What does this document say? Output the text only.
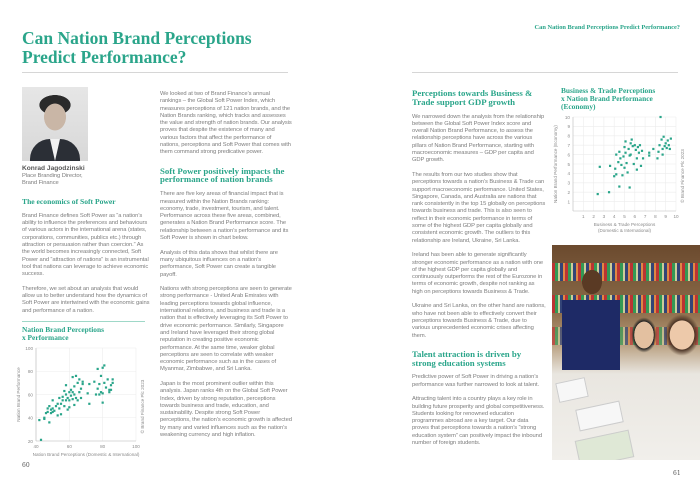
Can Nation Brand Perceptions Predict Performance?
Can Nation Brand Perceptions
Predict Performance?
Konrad Jagodzinski
Place Branding Director,
Brand Finance
The economics of Soft Power

Brand Finance defines Soft Power as “a nation’s ability to influence the preferences and behaviours of various actors in the international arena (states, corporations, communities, publics etc.) through attraction or persuasion rather than coercion.” As the world becomes increasingly connected, Soft Power and “attraction of nations” is an instrumental tool that nations can leverage to achieve economic success.

Therefore, we set about an analysis that would allow us to better understand how the dynamics of Soft Power are intertwined with the economic gains and performance of a nation.

Nation Brand Perceptions
x Performance
40	60	80	100
20
40
60
80
100
Nation Brand Perceptions (Domestic & International)
Nation Brand Performance	© Brand Finance Plc 2023
60
We looked at two of Brand Finance’s annual rankings – the Global Soft Power Index, which measures perceptions of 121 nation brands, and the Nation Brands ranking, which tracks and assesses the value and strength of nation brands. Our analysis proves that despite the existence of many and various factors that affect the performance of nations, perceptions and Soft Power that comes with them command strong predicative power.
Soft Power positively impacts the performance of nation brands

There are five key areas of financial impact that is measured within the Nation Brands ranking: economy, trade, investment, tourism, and talent. Performance across these five areas, combined, generates a Nation Brand Performance score. The relationship between a nation’s performance and its Soft Power is shown in chart below.

Analysis of this data shows that whilst there are many ubiquitous influences on a nation’s performance, Soft Power can create a tangible payoff.

Nations with strong perceptions are seen to generate strong performance - United Arab Emirates with leading perceptions towards global influence, international relations, and business and trade is a nation that is effectively leveraging its Soft Power to drive economic performance. Similarly, Singapore and Ireland have leveraged their strong global reputation in creating positive economic performance. At the same time, weaker global perceptions are seen to correlate with weaker economic performance such as in the cases of Myanmar, Zimbabwe, and Sri Lanka.

Japan is the most prominent outlier within this analysis. Japan ranks 4th on the Global Soft Power Index, driven by strong reputation, perceptions towards business and trade, education, and sustainability. Despite strong Soft Power perceptions, the nation’s economic growth is affected by many and varied influences such as the nation’s weakening currency and high inflation.

Perceptions towards Business & Trade support GDP growth

We narrowed down the analysis from the relationship between the Global Soft Power Index score and overall Nation Brand Performance, to assess the relationship perceptions have across the various pillars of Nation Brand Performance, starting with macroeconomic measures – GDP per capita and GDP growth.

The results from our two studies show that perceptions towards a nation’s Business & Trade can support macroeconomic performance. United States, Singapore, Canada, and Australia are nations that rank consistently in the top 15 globally on perceptions towards business and trade. This is also seen to reflect in their economic performance in terms of some of the highest GDP per capita globally and consistent economic growth. The outliers to this relationship are Ireland, Ukraine, Sri Lanka.

Ireland has been able to generate significantly stronger economic performance as a nation with one of the highest GDP per capita globally and continuously outperforms the rest of the Eurozone in terms of economic growth, despite not ranking as high on perceptions towards Business & Trade.

Ukraine and Sri Lanka, on the other hand are nations, who have not been able to effectively convert their perceptions towards Business & Trade, due to various unprecedented economic crises affecting them.

Talent attraction is driven by strong education systems

Predictive power of Soft Power in driving a nation’s performance was further narrowed to look at talent.

Attracting talent into a country plays a key role in building future prosperity and global competitiveness. Students looking for renowned education programmes abroad are a key target. Our data proves that perceptions towards a nation’s “strong education system” can positively impact the inbound number of foreign students.

Business & Trade Perceptions
x Nation Brand Performance
(Economy)
1 2 3 4 5 6 7 8 9 10
1
2
3
4
5
6
7
8
9
10
Business & Trade Perceptions
(Domestic & International)
Nation Brand Performance (Economy)	© Brand Finance Plc 2023
61
